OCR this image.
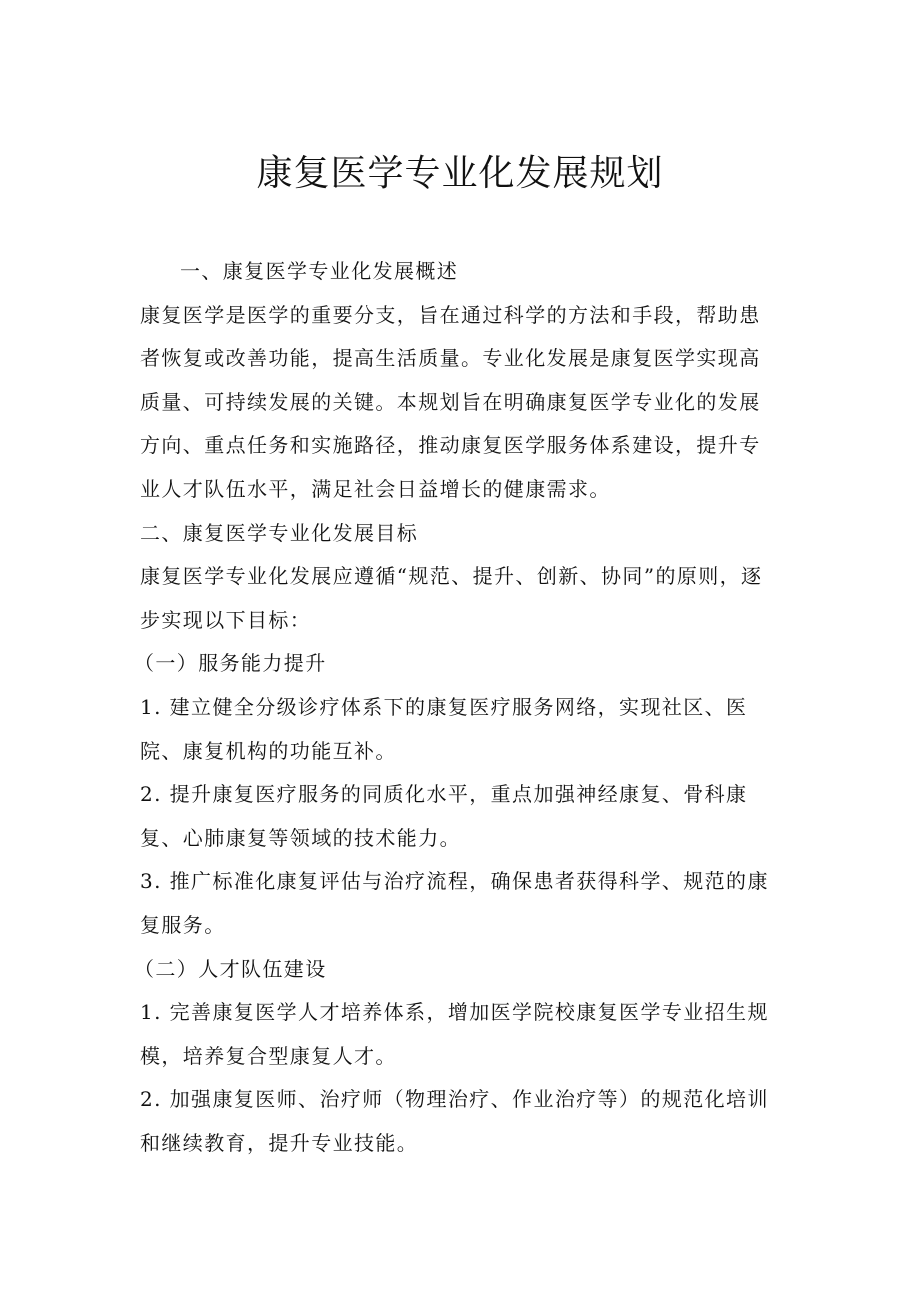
康复医学专业化发展规划

一、康复医学专业化发展概述

康复医学是医学的重要分支，旨在通过科学的方法和手段，帮助患者恢复或改善功能，提高生活质量。专业化发展是康复医学实现高质量、可持续发展的关键。本规划旨在明确康复医学专业化的发展方向、重点任务和实施路径，推动康复医学服务体系建设，提升专业人才队伍水平，满足社会日益增长的健康需求。

二、康复医学专业化发展目标

康复医学专业化发展应遵循“规范、提升、创新、协同”的原则，逐步实现以下目标：

（一）服务能力提升

1. 建立健全分级诊疗体系下的康复医疗服务网络，实现社区、医院、康复机构的功能互补。

2. 提升康复医疗服务的同质化水平，重点加强神经康复、骨科康复、心肺康复等领域的技术能力。

3. 推广标准化康复评估与治疗流程，确保患者获得科学、规范的康复服务。

（二）人才队伍建设

1. 完善康复医学人才培养体系，增加医学院校康复医学专业招生规模，培养复合型康复人才。

2. 加强康复医师、治疗师（物理治疗、作业治疗等）的规范化培训和继续教育，提升专业技能。
